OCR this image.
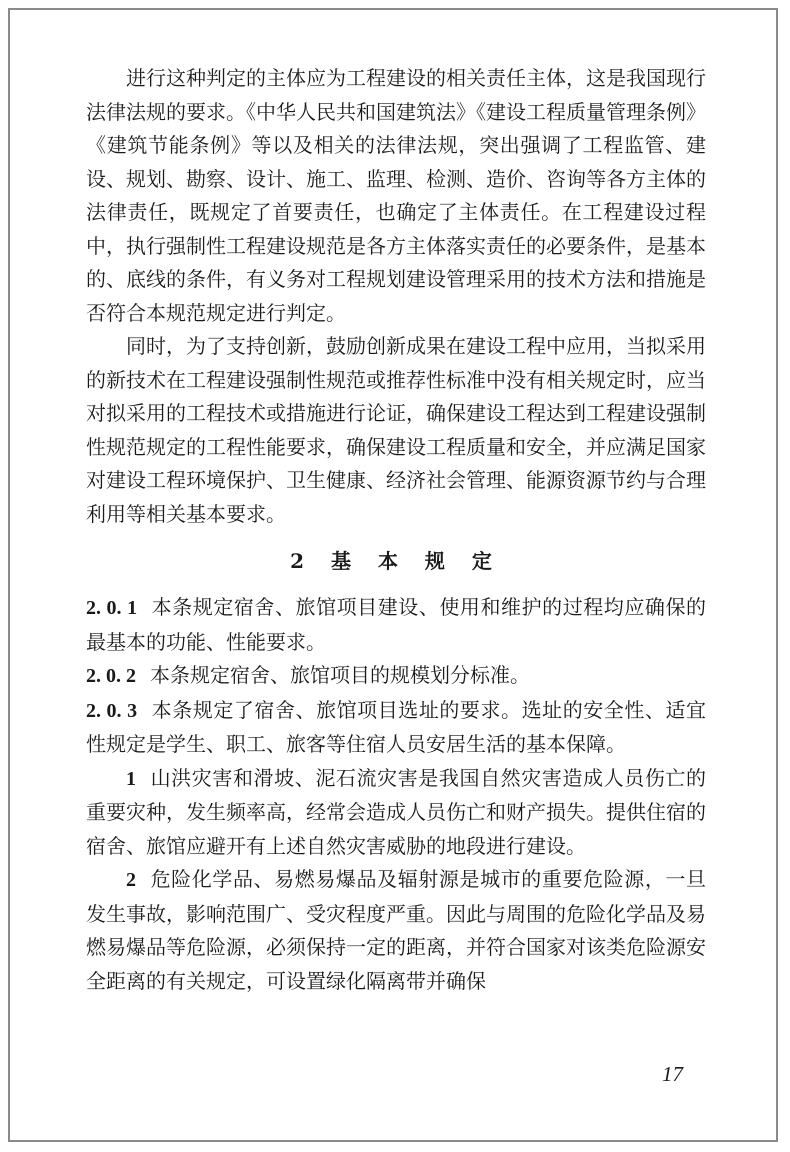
进行这种判定的主体应为工程建设的相关责任主体，这是我国现行法律法规的要求。《中华人民共和国建筑法》《建设工程质量管理条例》《建筑节能条例》等以及相关的法律法规，突出强调了工程监管、建设、规划、勘察、设计、施工、监理、检测、造价、咨询等各方主体的法律责任，既规定了首要责任，也确定了主体责任。在工程建设过程中，执行强制性工程建设规范是各方主体落实责任的必要条件，是基本的、底线的条件，有义务对工程规划建设管理采用的技术方法和措施是否符合本规范规定进行判定。

同时，为了支持创新，鼓励创新成果在建设工程中应用，当拟采用的新技术在工程建设强制性规范或推荐性标准中没有相关规定时，应当对拟采用的工程技术或措施进行论证，确保建设工程达到工程建设强制性规范规定的工程性能要求，确保建设工程质量和安全，并应满足国家对建设工程环境保护、卫生健康、经济社会管理、能源资源节约与合理利用等相关基本要求。

2 基 本 规 定

2. 0. 1 本条规定宿舍、旅馆项目建设、使用和维护的过程均应确保的最基本的功能、性能要求。

2. 0. 2 本条规定宿舍、旅馆项目的规模划分标准。

2. 0. 3 本条规定了宿舍、旅馆项目选址的要求。选址的安全性、适宜性规定是学生、职工、旅客等住宿人员安居生活的基本保障。

1 山洪灾害和滑坡、泥石流灾害是我国自然灾害造成人员伤亡的重要灾种，发生频率高，经常会造成人员伤亡和财产损失。提供住宿的宿舍、旅馆应避开有上述自然灾害威胁的地段进行建设。

2 危险化学品、易燃易爆品及辐射源是城市的重要危险源，一旦发生事故，影响范围广、受灾程度严重。因此与周围的危险化学品及易燃易爆品等危险源，必须保持一定的距离，并符合国家对该类危险源安全距离的有关规定，可设置绿化隔离带并确保

17
